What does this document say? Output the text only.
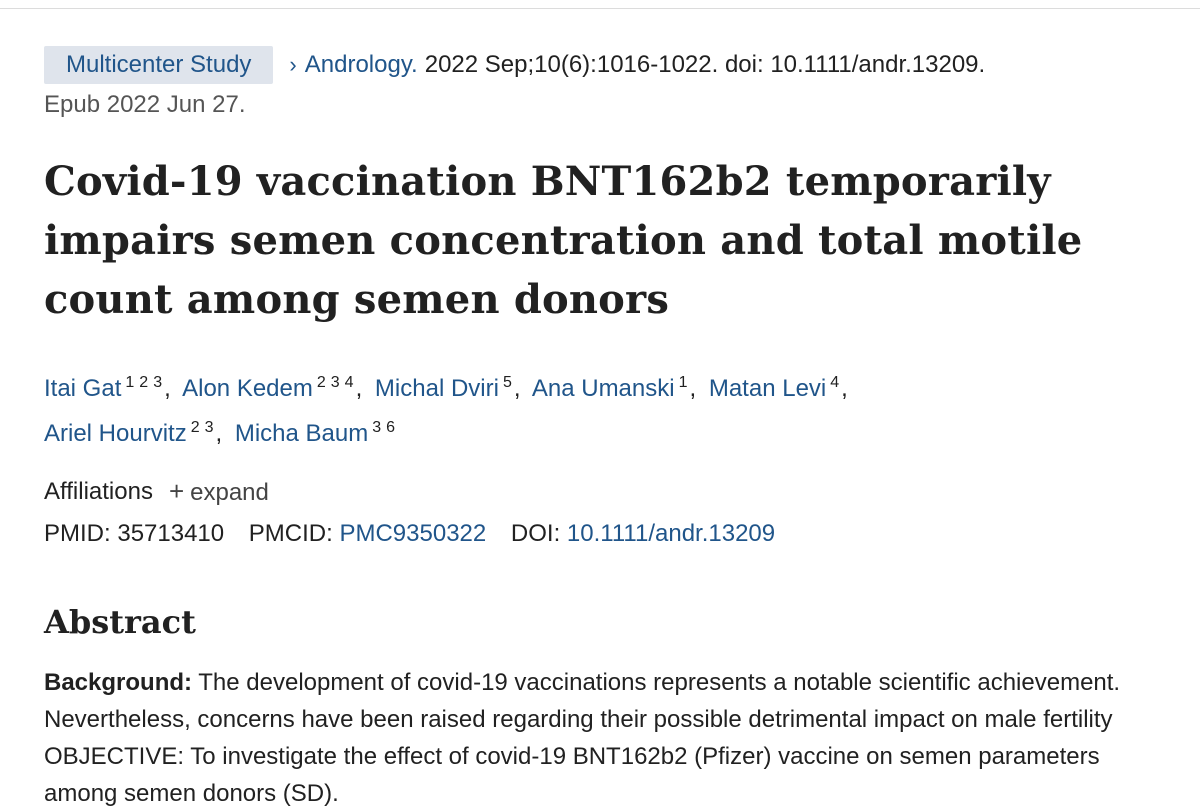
Multicenter Study	› Andrology. 2022 Sep;10(6):1016-1022. doi: 10.1111/andr.13209.
Epub 2022 Jun 27.
Covid-19 vaccination BNT162b2 temporarily impairs semen concentration and total motile count among semen donors
Itai Gat 1 2 3, Alon Kedem 2 3 4, Michal Dviri 5, Ana Umanski 1, Matan Levi 4,
Ariel Hourvitz 2 3, Micha Baum 3 6
Affiliations + expand
PMID: 35713410 PMCID: PMC9350322 DOI: 10.1111/andr.13209
Abstract
Background: The development of covid-19 vaccinations represents a notable scientific achievement. Nevertheless, concerns have been raised regarding their possible detrimental impact on male fertility OBJECTIVE: To investigate the effect of covid-19 BNT162b2 (Pfizer) vaccine on semen parameters among semen donors (SD).
